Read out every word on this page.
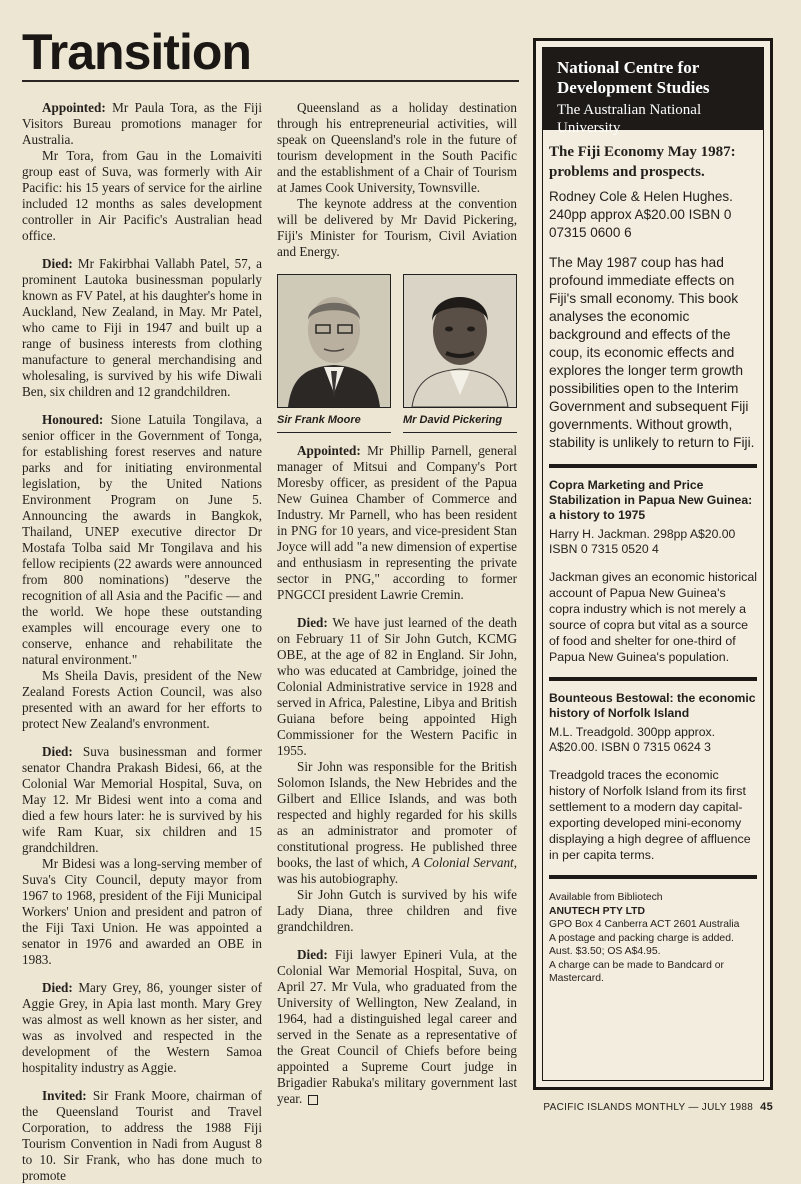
Transition

Appointed: Mr Paula Tora, as the Fiji Visitors Bureau promotions manager for Australia.

Mr Tora, from Gau in the Lomaiviti group east of Suva, was formerly with Air Pacific: his 15 years of service for the airline included 12 months as sales development controller in Air Pacific's Australian head office.

Died: Mr Fakirbhai Vallabh Patel, 57, a prominent Lautoka businessman popularly known as FV Patel, at his daughter's home in Auckland, New Zealand, in May. Mr Patel, who came to Fiji in 1947 and built up a range of business interests from clothing manufacture to general merchandising and wholesaling, is survived by his wife Diwali Ben, six children and 12 grandchildren.

Honoured: Sione Latuila Tongilava, a senior officer in the Government of Tonga, for establishing forest reserves and nature parks and for initiating environmental legislation, by the United Nations Environment Program on June 5. Announcing the awards in Bangkok, Thailand, UNEP executive director Dr Mostafa Tolba said Mr Tongilava and his fellow recipients (22 awards were announced from 800 nominations) "deserve the recognition of all Asia and the Pacific — and the world. We hope these outstanding examples will encourage every one to conserve, enhance and rehabilitate the natural environment."

Ms Sheila Davis, president of the New Zealand Forests Action Council, was also presented with an award for her efforts to protect New Zealand's envronment.

Died: Suva businessman and former senator Chandra Prakash Bidesi, 66, at the Colonial War Memorial Hospital, Suva, on May 12. Mr Bidesi went into a coma and died a few hours later: he is survived by his wife Ram Kuar, six children and 15 grandchildren.

Mr Bidesi was a long-serving member of Suva's City Council, deputy mayor from 1967 to 1968, president of the Fiji Municipal Workers' Union and president and patron of the Fiji Taxi Union. He was appointed a senator in 1976 and awarded an OBE in 1983.

Died: Mary Grey, 86, younger sister of Aggie Grey, in Apia last month. Mary Grey was almost as well known as her sister, and was as involved and respected in the development of the Western Samoa hospitality industry as Aggie.

Invited: Sir Frank Moore, chairman of the Queensland Tourist and Travel Corporation, to address the 1988 Fiji Tourism Convention in Nadi from August 8 to 10. Sir Frank, who has done much to promote

Queensland as a holiday destination through his entrepreneurial activities, will speak on Queensland's role in the future of tourism development in the South Pacific and the establishment of a Chair of Tourism at James Cook University, Townsville.

The keynote address at the convention will be delivered by Mr David Pickering, Fiji's Minister for Tourism, Civil Aviation and Energy.

Sir Frank Moore	Mr David Pickering

Appointed: Mr Phillip Parnell, general manager of Mitsui and Company's Port Moresby officer, as president of the Papua New Guinea Chamber of Commerce and Industry. Mr Parnell, who has been resident in PNG for 10 years, and vice-president Stan Joyce will add "a new dimension of expertise and enthusiasm in representing the private sector in PNG," according to former PNGCCI president Lawrie Cremin.

Died: We have just learned of the death on February 11 of Sir John Gutch, KCMG OBE, at the age of 82 in England. Sir John, who was educated at Cambridge, joined the Colonial Administrative service in 1928 and served in Africa, Palestine, Libya and British Guiana before being appointed High Commissioner for the Western Pacific in 1955.

Sir John was responsible for the British Solomon Islands, the New Hebrides and the Gilbert and Ellice Islands, and was both respected and highly regarded for his skills as an administrator and promoter of constitutional progress. He published three books, the last of which, A Colonial Servant, was his autobiography.

Sir John Gutch is survived by his wife Lady Diana, three children and five grandchildren.

Died: Fiji lawyer Epineri Vula, at the Colonial War Memorial Hospital, Suva, on April 27. Mr Vula, who graduated from the University of Wellington, New Zealand, in 1964, had a distinguished legal career and served in the Senate as a representative of the Great Council of Chiefs before being appointed a Supreme Court judge in Brigadier Rabuka's military government last year.

National Centre for Development Studies
The Australian National University
The Fiji Economy May 1987: problems and prospects.
Rodney Cole & Helen Hughes. 240pp approx A$20.00 ISBN 0 07315 0600 6
The May 1987 coup has had profound immediate effects on Fiji's small economy. This book analyses the economic background and effects of the coup, its economic effects and explores the longer term growth possibilities open to the Interim Government and subsequent Fiji governments. Without growth, stability is unlikely to return to Fiji.
Copra Marketing and Price Stabilization in Papua New Guinea: a history to 1975
Harry H. Jackman. 298pp A$20.00 ISBN 0 7315 0520 4
Jackman gives an economic historical account of Papua New Guinea's copra industry which is not merely a source of copra but vital as a source of food and shelter for one-third of Papua New Guinea's population.
Bounteous Bestowal: the economic history of Norfolk Island
M.L. Treadgold. 300pp approx. A$20.00. ISBN 0 7315 0624 3
Treadgold traces the economic history of Norfolk Island from its first settlement to a modern day capital-exporting developed mini-economy displaying a high degree of affluence in per capita terms.
Available from Bibliotech
ANUTECH PTY LTD
GPO Box 4 Canberra ACT 2601 Australia
A postage and packing charge is added. Aust. $3.50; OS A$4.95.
A charge can be made to Bandcard or Mastercard.
PACIFIC ISLANDS MONTHLY — JULY 1988 45
